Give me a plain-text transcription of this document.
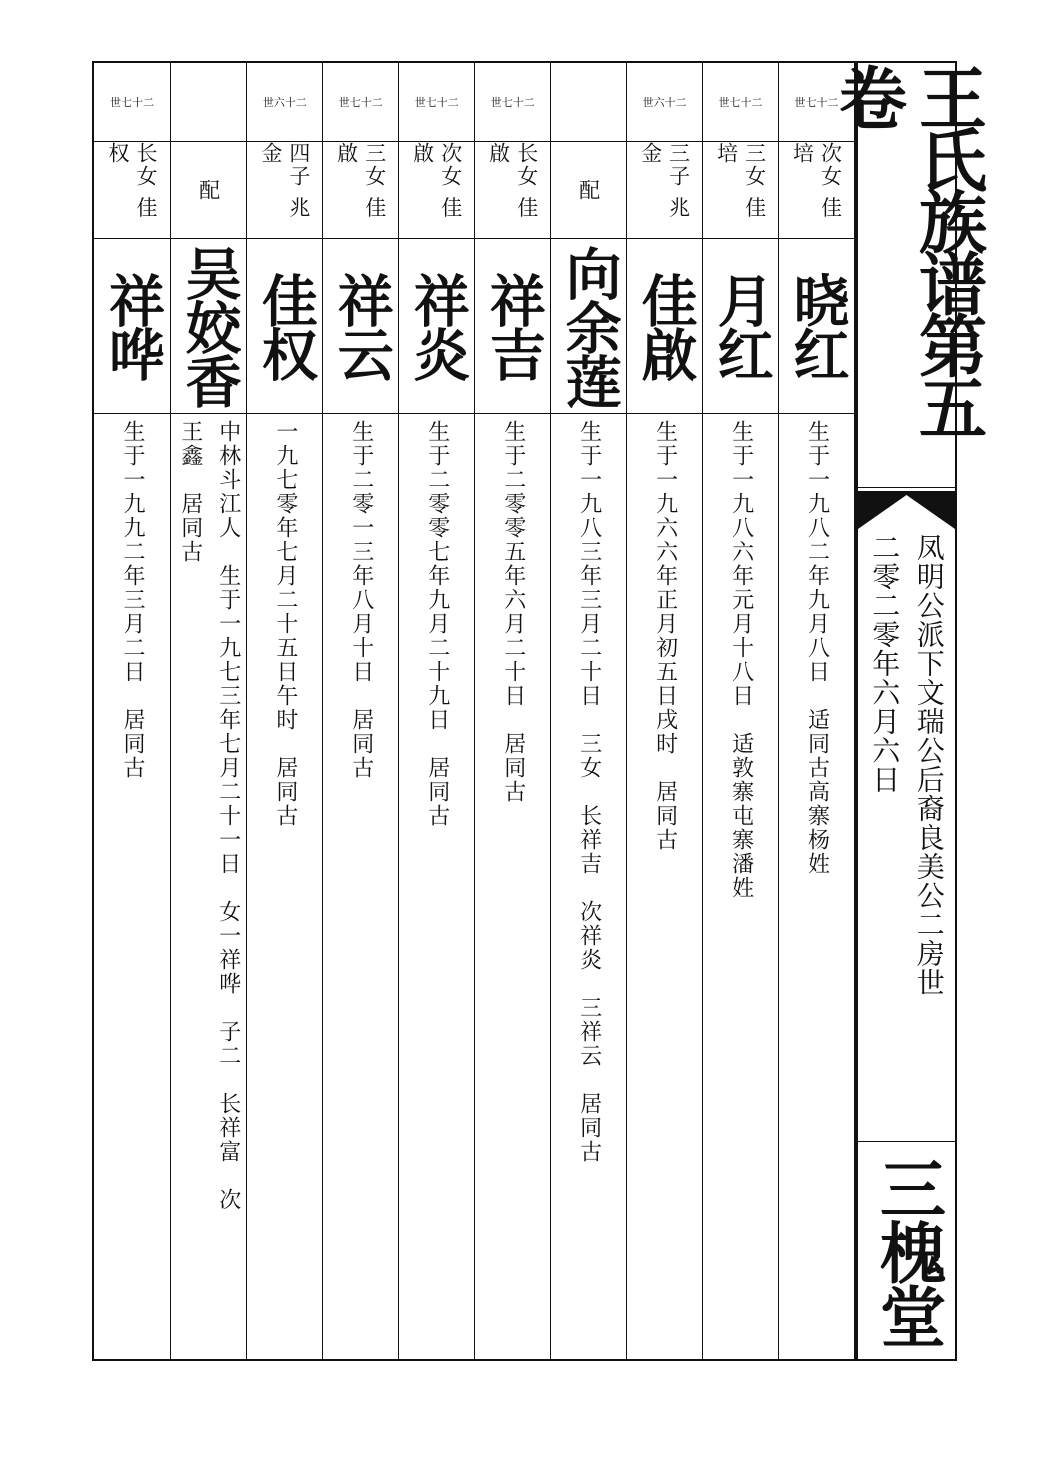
世七十二
次女 佳培
晓红
生于一九八二年九月八日　适同古高寨杨姓
世七十二
三女 佳培
月红
生于一九八六年元月十八日　适敦寨屯寨潘姓
世六十二
三子 兆金
佳啟
生于一九六六年正月初五日戌时　居同古
配
向余莲
生于一九八三年三月二十日　三女　长祥吉　次祥炎　三祥云　居同古
世七十二
长女 佳啟
祥吉
生于二零零五年六月二十日　居同古
世七十二
次女 佳啟
祥炎
生于二零零七年九月二十九日　居同古
世七十二
三女 佳啟
祥云
生于二零一三年八月十日　居同古
世六十二
四子 兆金
佳权
一九七零年七月二十五日午时　居同古
配
吴姣香
中林斗江人　生于一九七三年七月二十一日　女一祥哗　子二　长祥富　次
王鑫　居同古
世七十二
长女 佳权
祥哗
生于一九九二年三月二日　居同古
王氏族谱第五卷
凤明公派下文瑞公后裔良美公二房世
二零二零年六月六日
三槐堂
